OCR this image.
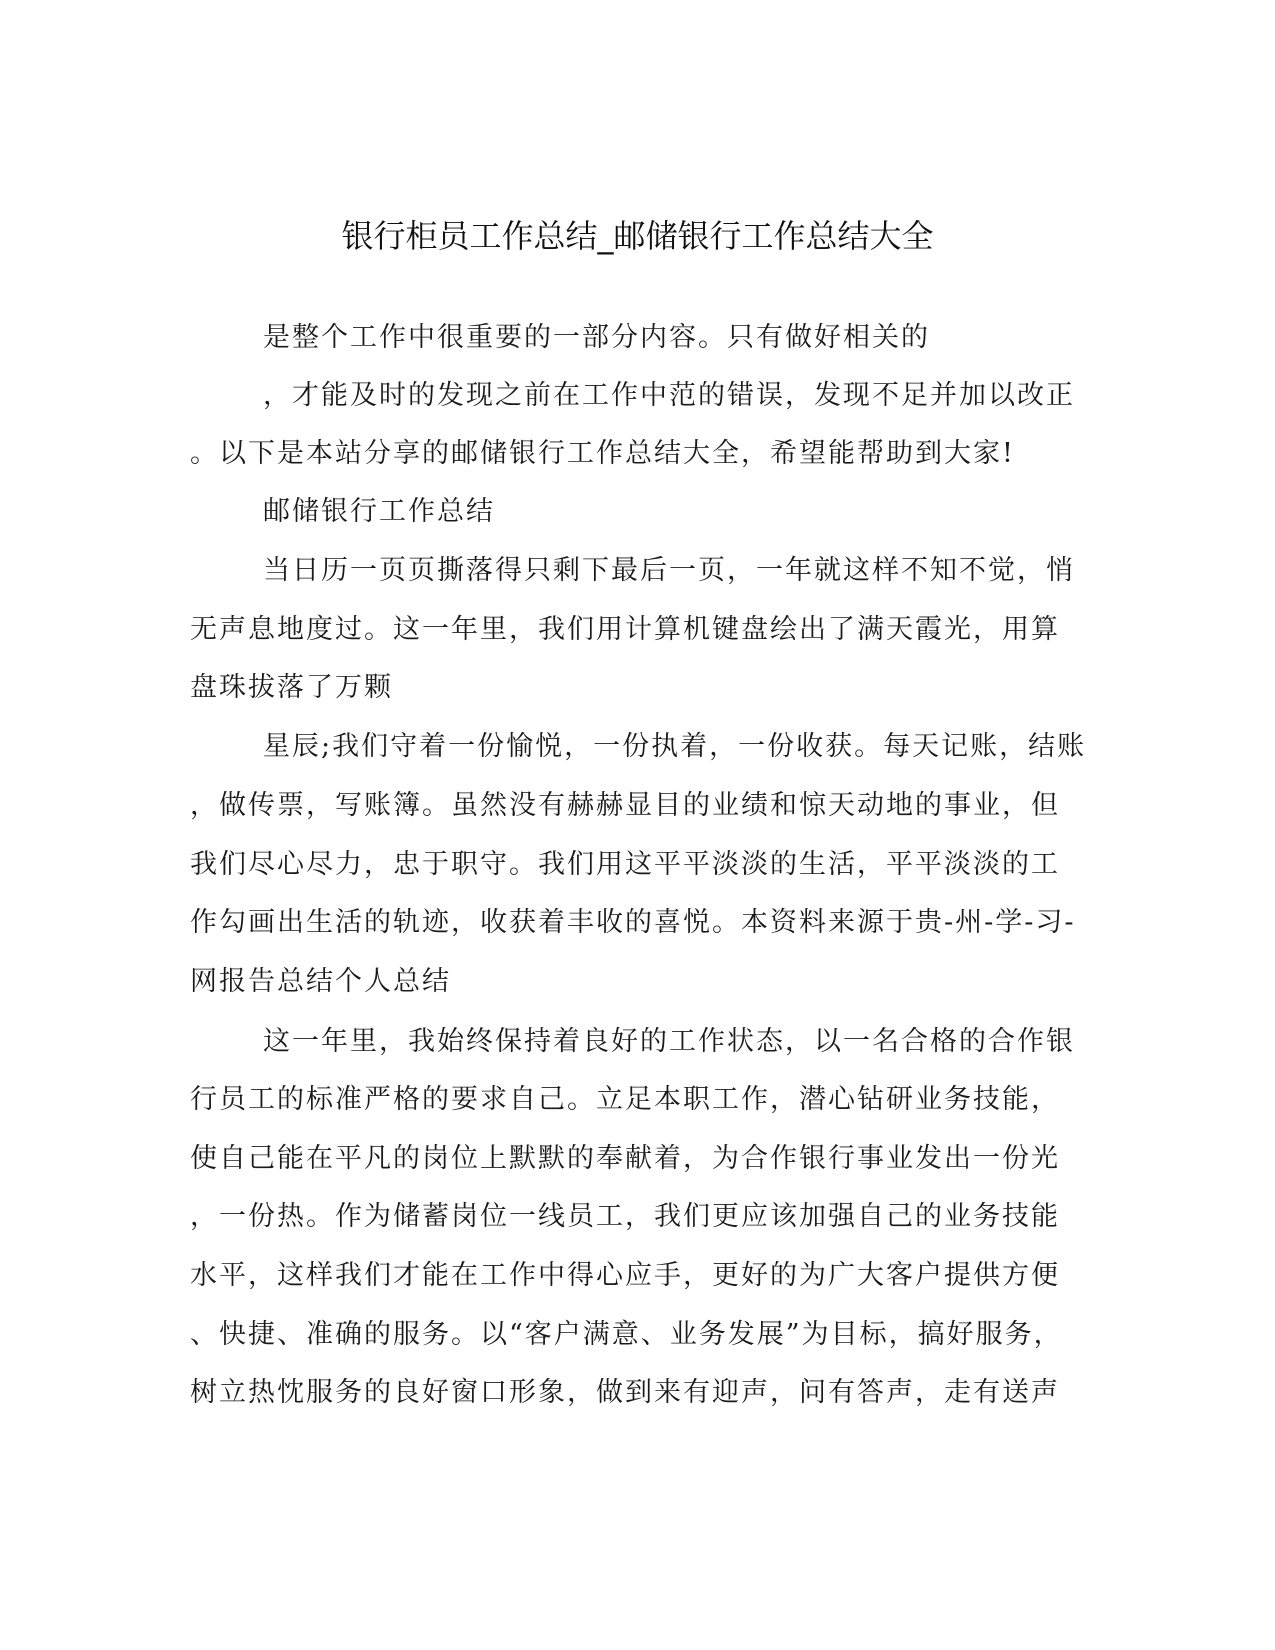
银行柜员工作总结_邮储银行工作总结大全
是整个工作中很重要的一部分内容。只有做好相关的
，才能及时的发现之前在工作中范的错误，发现不足并加以改正
。以下是本站分享的邮储银行工作总结大全，希望能帮助到大家!
邮储银行工作总结
当日历一页页撕落得只剩下最后一页，一年就这样不知不觉，悄
无声息地度过。这一年里，我们用计算机键盘绘出了满天霞光，用算
盘珠拔落了万颗
星辰;我们守着一份愉悦，一份执着，一份收获。每天记账，结账
，做传票，写账簿。虽然没有赫赫显目的业绩和惊天动地的事业，但
我们尽心尽力，忠于职守。我们用这平平淡淡的生活，平平淡淡的工
作勾画出生活的轨迹，收获着丰收的喜悦。本资料来源于贵-州-学-习-
网报告总结个人总结
这一年里，我始终保持着良好的工作状态，以一名合格的合作银
行员工的标准严格的要求自己。立足本职工作，潜心钻研业务技能，
使自己能在平凡的岗位上默默的奉献着，为合作银行事业发出一份光
，一份热。作为储蓄岗位一线员工，我们更应该加强自己的业务技能
水平，这样我们才能在工作中得心应手，更好的为广大客户提供方便
、快捷、准确的服务。以“客户满意、业务发展”为目标，搞好服务，
树立热忱服务的良好窗口形象，做到来有迎声，问有答声，走有送声
